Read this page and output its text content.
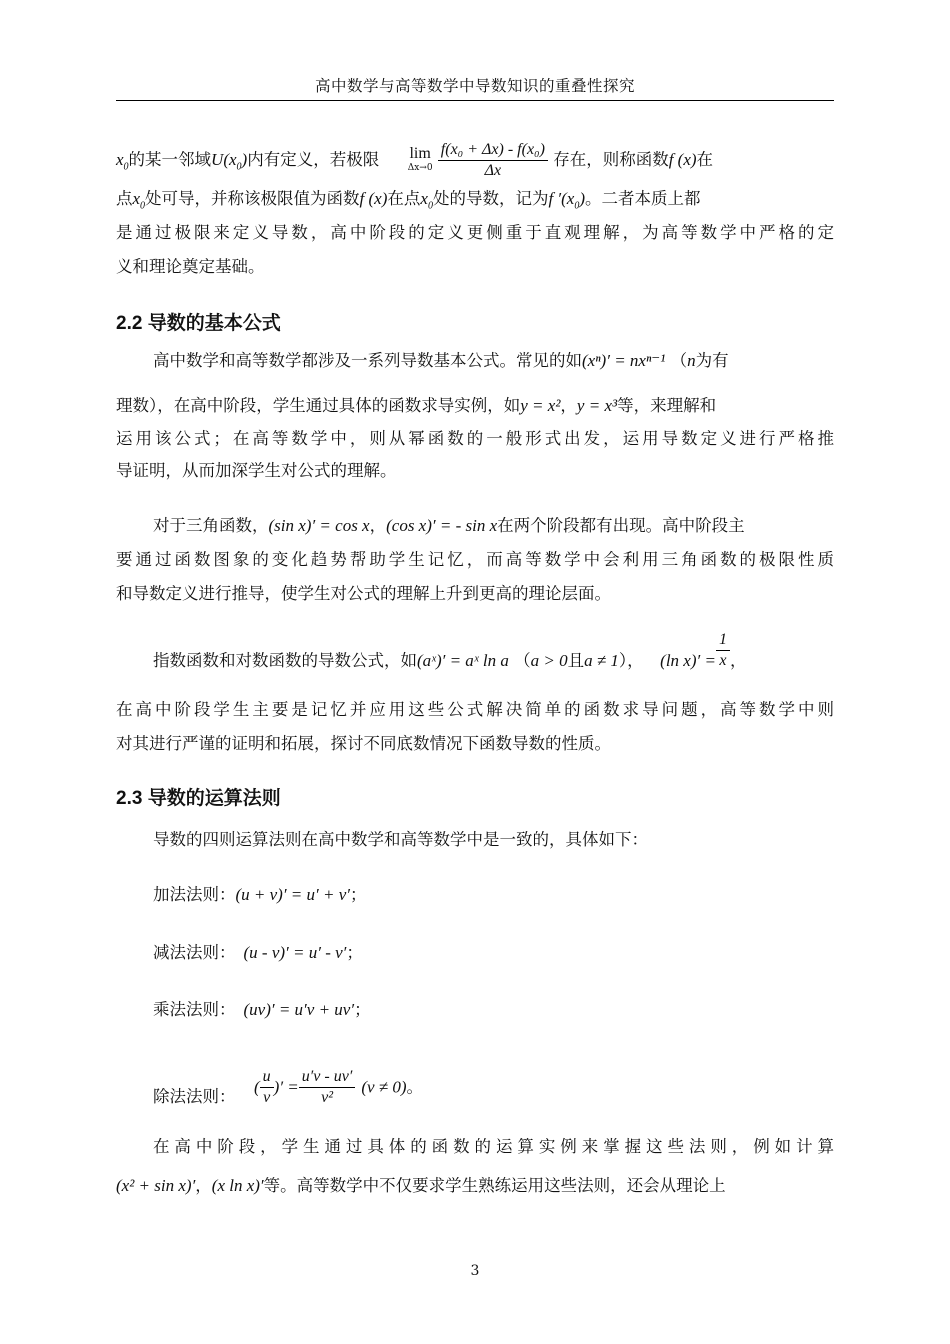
高中数学与高等数学中导数知识的重叠性探究
$x_0$的某一邻域$U(x_0)$内有定义，若极限 lim
Δx→0
$\frac{\text{f(x₀ + Δx) - f(x₀)}}{\Delta x}$ 存在，则称函数f (x)在
点$x_0$处可导，并称该极限值为函数f (x)在点$x_0$处的导数，记为f $'(x_0)$。二者本质上都
是通过极限来定义导数，高中阶段的定义更侧重于直观理解，为高等数学中严格的定
义和理论奠定基础。
2.2 导数的基本公式
高中数学和高等数学都涉及一系列导数基本公式。常见的如(xⁿ)′ = nxⁿ⁻¹ （n为有
理数），在高中阶段，学生通过具体的函数求导实例，如y = x²，y = x³等，来理解和
运用该公式；在高等数学中，则从幂函数的一般形式出发，运用导数定义进行严格推
导证明，从而加深学生对公式的理解。
对于三角函数，(sin x)′ = cos x，(cos x)′ = - sin x在两个阶段都有出现。高中阶段主
要通过函数图象的变化趋势帮助学生记忆，而高等数学中会利用三角函数的极限性质
和导数定义进行推导，使学生对公式的理解上升到更高的理论层面。
指数函数和对数函数的导数公式，如(aˣ)′ = aˣ ln a （a > 0且a ≠ 1）， (ln $x)' = \frac{1}{x}$ ，
在高中阶段学生主要是记忆并应用这些公式解决简单的函数求导问题，高等数学中则
对其进行严谨的证明和拓展，探讨不同底数情况下函数导数的性质。
2.3 导数的运算法则
导数的四则运算法则在高中数学和高等数学中是一致的，具体如下：
加法法则：(u + v)′ = u′ + v′；
减法法则： (u - v)′ = u′ - v′；
乘法法则： (uv)′ = u′v + uv′；
除法法则： ( $\frac{u}{v}$ )′ = $\frac{u'v - uv'}{\text{v²}} (v \ne 0)$。
在高中阶段，学生通过具体的函数的运算实例来掌握这些法则，例如计算
(x² + sin x)′，(x ln x)′等。高等数学中不仅要求学生熟练运用这些法则，还会从理论上
3
